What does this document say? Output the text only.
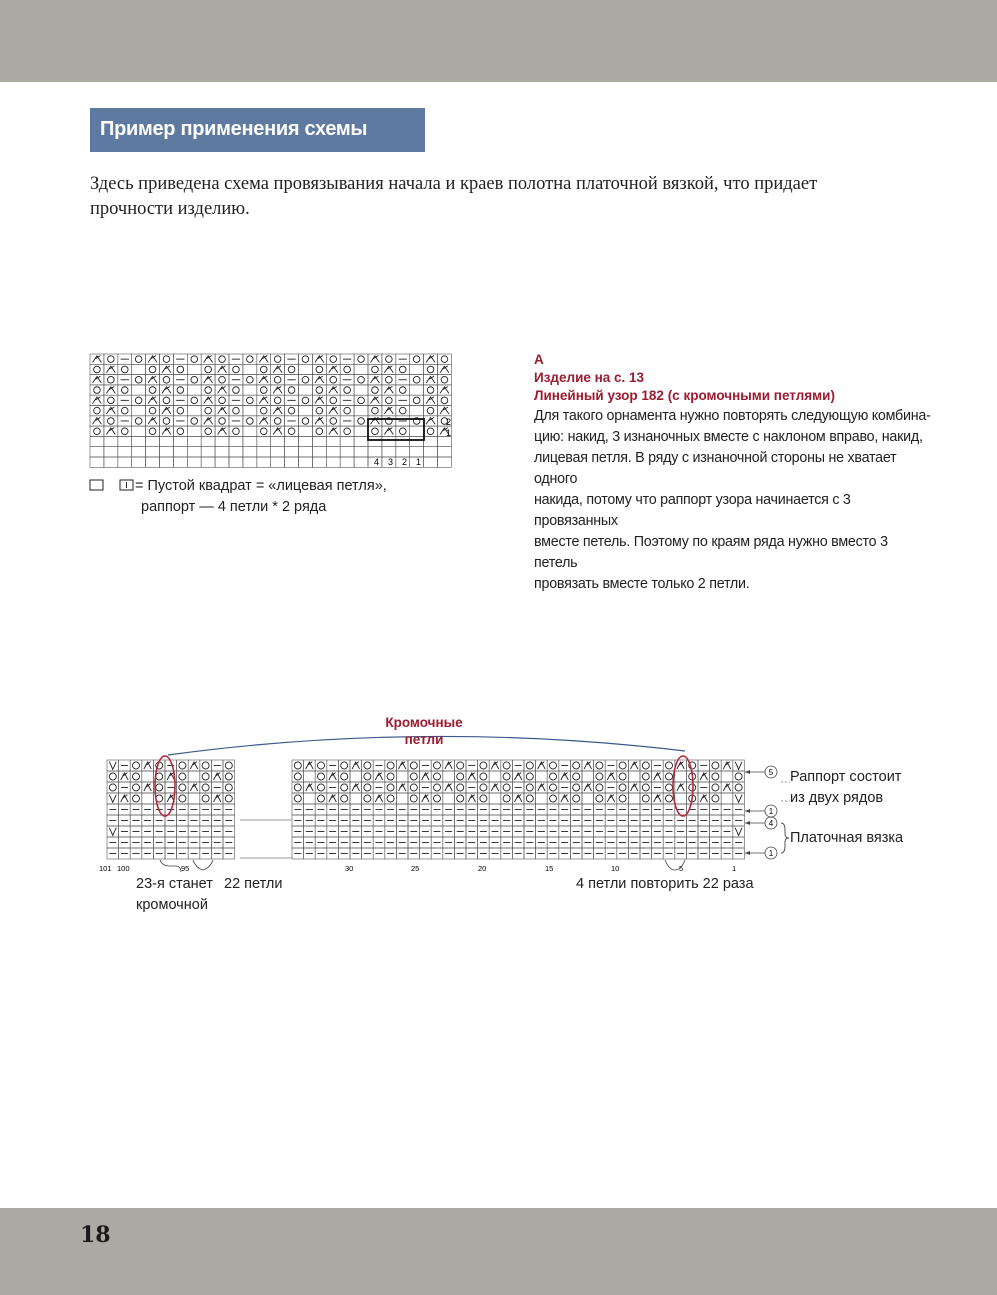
Пример применения схемы
Здесь приведена схема провязывания начала и краев полотна платочной вязкой, что придает прочности изделию.
2
1
4 3 2 1
= Пустой квадрат = «лицевая петля»,
раппорт — 4 петли * 2 ряда
A
Изделие на с. 13
Линейный узор 182 (с кромочными петлями)
Для такого орнамента нужно повторять следующую комбина-
цию: накид, 3 изнаночных вместе с наклоном вправо, накид,
лицевая петля. В ряду с изнаночной стороны не хватает одного
накида, потому что раппорт узора начинается с 3 провязанных
вместе петель. Поэтому по краям ряда нужно вместо 3 петель
провязать вместе только 2 петли.
101 100	95	30	25	20	15	10	5	1
5
1
4
1
Кромочные
петли
Раппорт состоит
из двух рядов
Платочная вязка
23-я станет
кромочной
22 петли	4 петли повторить 22 раза
18
